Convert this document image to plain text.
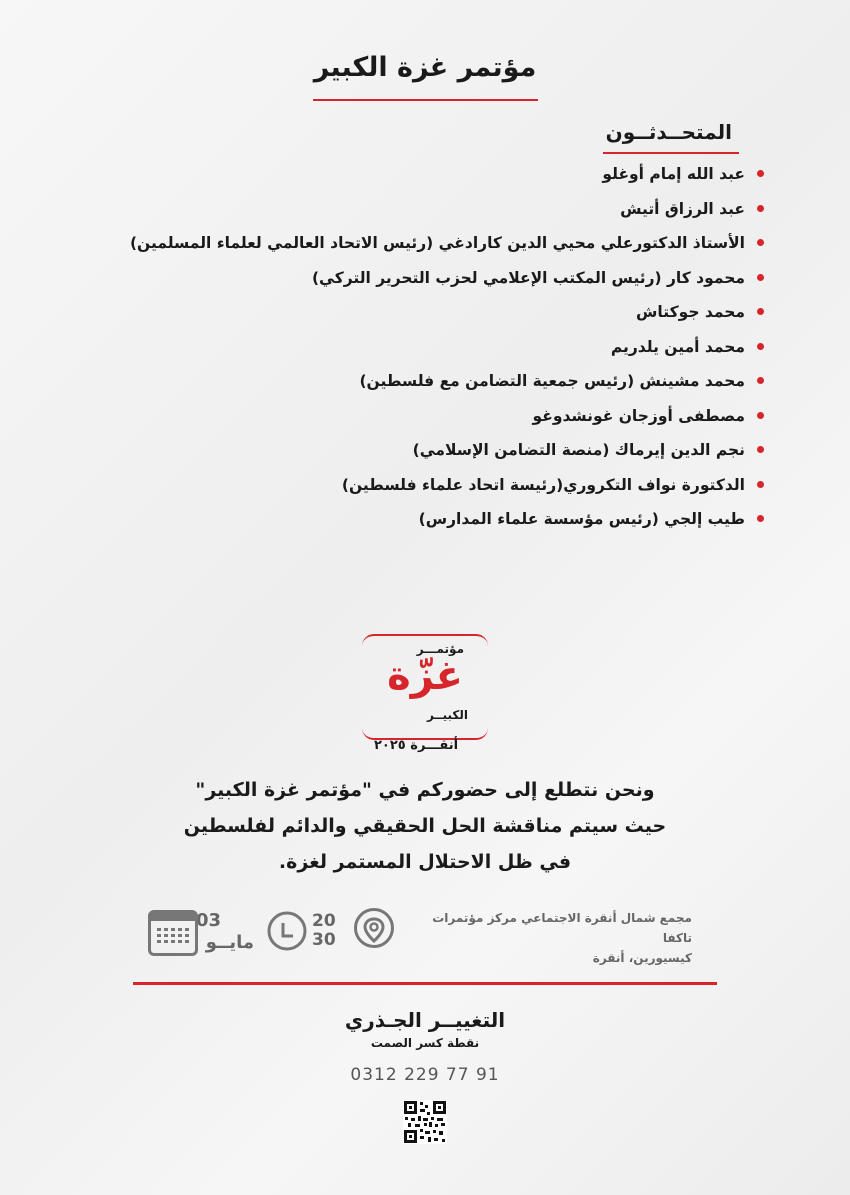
مؤتمر غزة الكبير
المتحــدثــون
عبد الله إمام أوغلو
عبد الرزاق أتيش
الأستاذ الدكتورعلي محيي الدين كارادغي (رئيس الاتحاد العالمي لعلماء المسلمين)
محمود كار (رئيس المكتب الإعلامي لحزب التحرير التركي)
محمد جوكتاش
محمد أمين يلدريم
محمد مشينش (رئيس جمعية التضامن مع فلسطين)
مصطفى أوزجان غونشدوغو
نجم الدين إيرماك (منصة التضامن الإسلامي)
الدكتورة نواف التكروري(رئيسة اتحاد علماء فلسطين)
طيب إلجي (رئيس مؤسسة علماء المدارس)
مؤتمـــر
غزّة
الكبيــر
أنقـــرة ٢٠٢٥
ونحن نتطلع إلى حضوركم في "مؤتمر غزة الكبير"
حيث سيتم مناقشة الحل الحقيقي والدائم لفلسطين
في ظل الاحتلال المستمر لغزة.
مجمع شمال أنقرة الاجتماعي مركز مؤتمرات تاكفا
كيسيورين، أنقرة
20
30
03
مايــو
التغييــر الجـذري
نقطة كسر الصمت
0312 229 77 91
